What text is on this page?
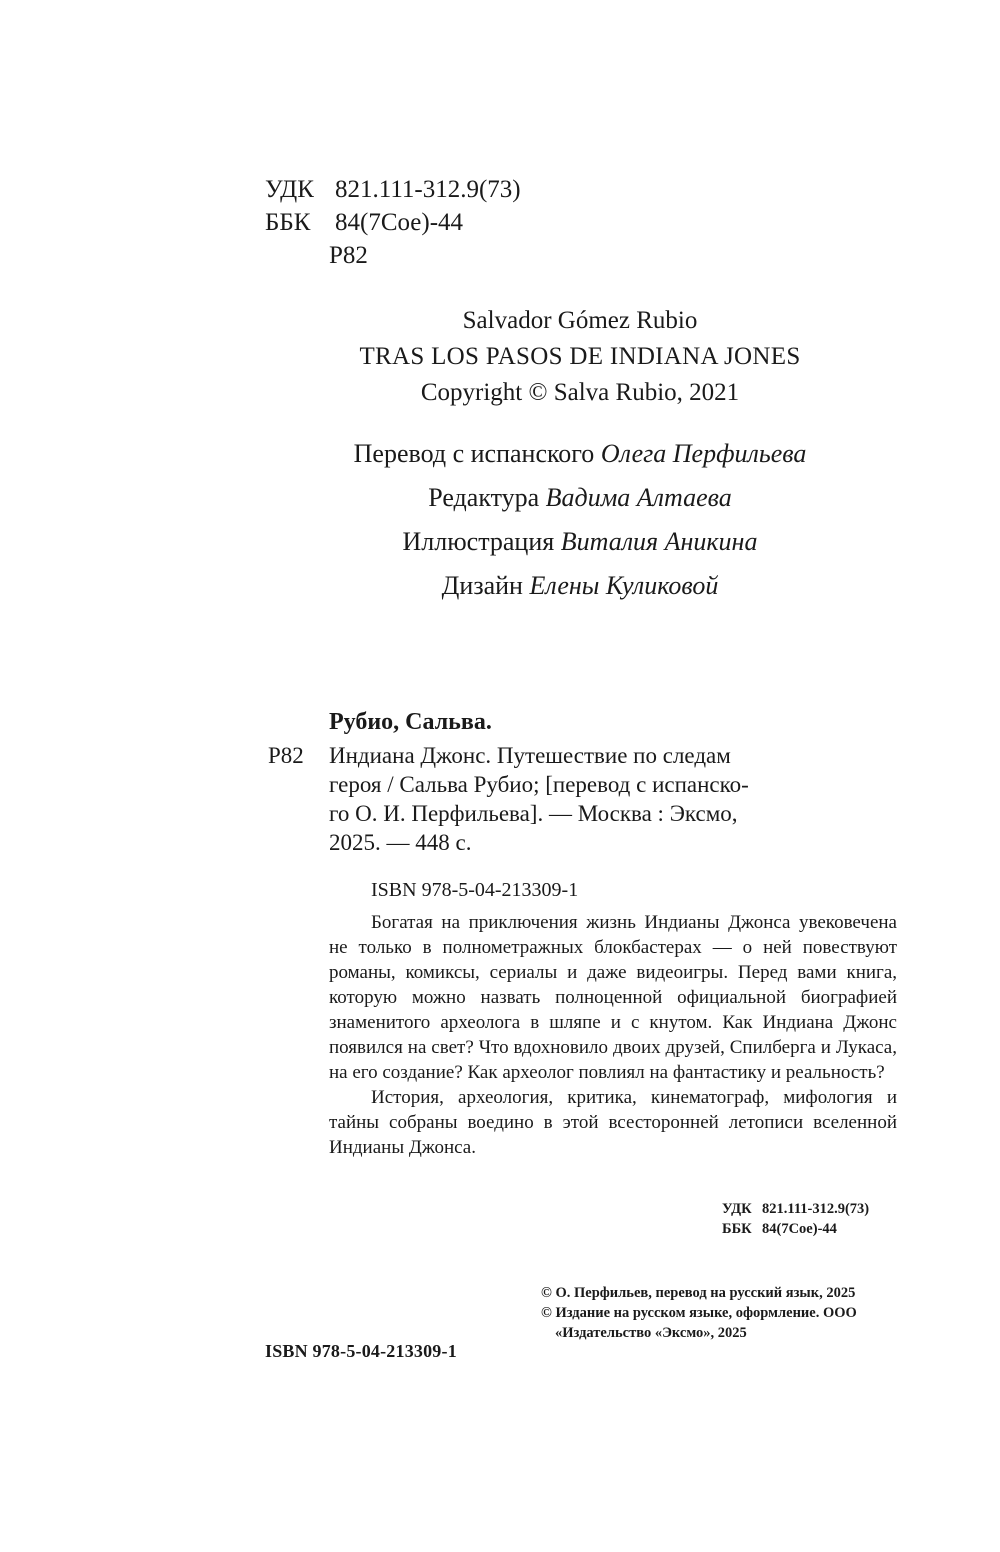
УДК 821.111-312.9(73)
ББК 84(7Сое)-44
Р82
Salvador Gómez Rubio
TRAS LOS PASOS DE INDIANA JONES
Copyright © Salva Rubio, 2021
Перевод с испанского Олега Перфильева
Редактура Вадима Алтаева
Иллюстрация Виталия Аникина
Дизайн Елены Куликовой
Р82
Рубио, Сальва.
Индиана Джонс. Путешествие по следам
героя / Сальва Рубио; [перевод с испанско-
го О. И. Перфильева]. — Москва : Эксмо,
2025. — 448 с.
ISBN 978-5-04-213309-1

Богатая на приключения жизнь Индианы Джонса увековечена не только в полнометражных блокбастерах — о ней повествуют романы, комиксы, сериалы и даже видеоигры. Перед вами книга, которую можно назвать полноценной официальной биографией знаменитого археолога в шляпе и с кнутом. Как Индиана Джонс появился на свет? Что вдохновило двоих друзей, Спилберга и Лукаса, на его создание? Как археолог повлиял на фантастику и реальность?

История, археология, критика, кинематограф, мифология и тайны собраны воедино в этой всесторонней летописи вселенной Индианы Джонса.

УДК 821.111-312.9(73)
ББК 84(7Сое)-44
© О. Перфильев, перевод на русский язык, 2025
© Издание на русском языке, оформление. ООО «Издательство «Эксмо», 2025
ISBN 978-5-04-213309-1
